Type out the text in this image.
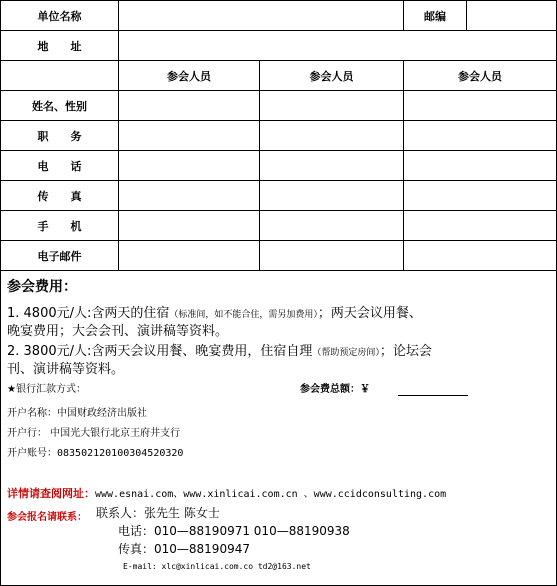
单位名称			邮编	
地　　址				
	参会人员	参会人员	参会人员	
姓名、性别				
职　　务				
电　　话				
传　　真				
手　　机				
电子邮件				
参会费用：
1. 4800元/人:含两天的住宿（标准间，如不能合住，需另加费用）；两天会议用餐、
晚宴费用；大会会刊、演讲稿等资料。
2. 3800元/人:含两天会议用餐、晚宴费用，住宿自理（帮助预定房间）；论坛会
刊、演讲稿等资料。
★银行汇款方式：	参会费总额：￥
开户名称：中国财政经济出版社
开户行： 中国光大银行北京王府井支行
开户账号：083502120100304520320
详情请查阅网址：www.esnai.com、www.xinlicai.com.cn 、www.ccidconsulting.com
参会报名请联系： 联系人：张先生 陈女士
电话：010—88190971 010—88190938
传真：010—88190947
E-mail: xlc@xinlicai.com.co td2@163.net
